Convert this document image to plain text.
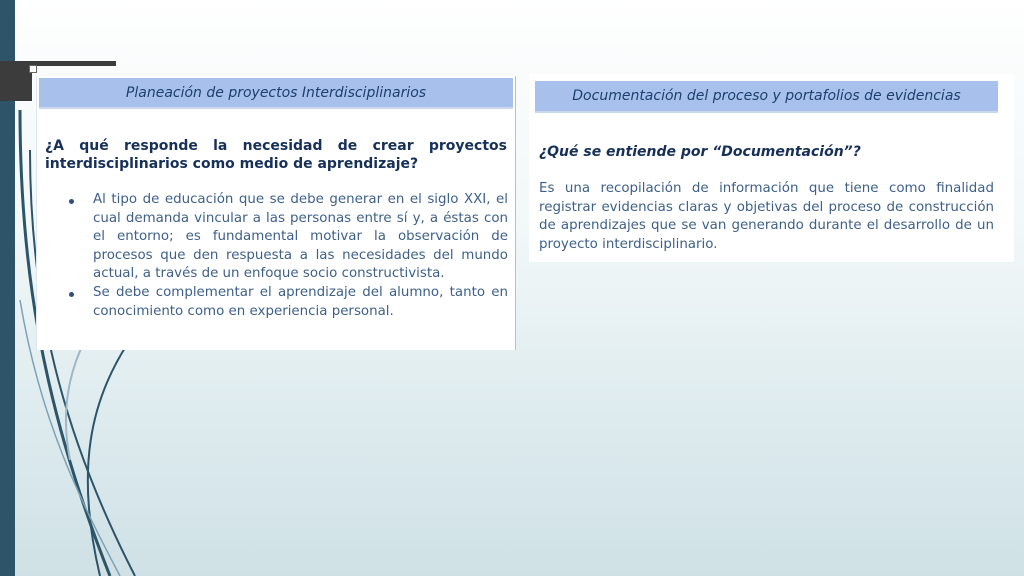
Planeación de proyectos Interdisciplinarios
¿A qué responde la necesidad de crear proyectos interdisciplinarios como medio de aprendizaje?
Al tipo de educación que se debe generar en el siglo XXI, el cual demanda vincular a las personas entre sí y, a éstas con el entorno; es fundamental motivar la observación de procesos que den respuesta a las necesidades del mundo actual, a través de un enfoque socio constructivista.
Se debe complementar el aprendizaje del alumno, tanto en conocimiento como en experiencia personal.
Documentación del proceso y portafolios de evidencias
¿Qué se entiende por “Documentación”?
Es una recopilación de información que tiene como finalidad registrar evidencias claras y objetivas del proceso de construcción de aprendizajes que se van generando durante el desarrollo de un proyecto interdisciplinario.
